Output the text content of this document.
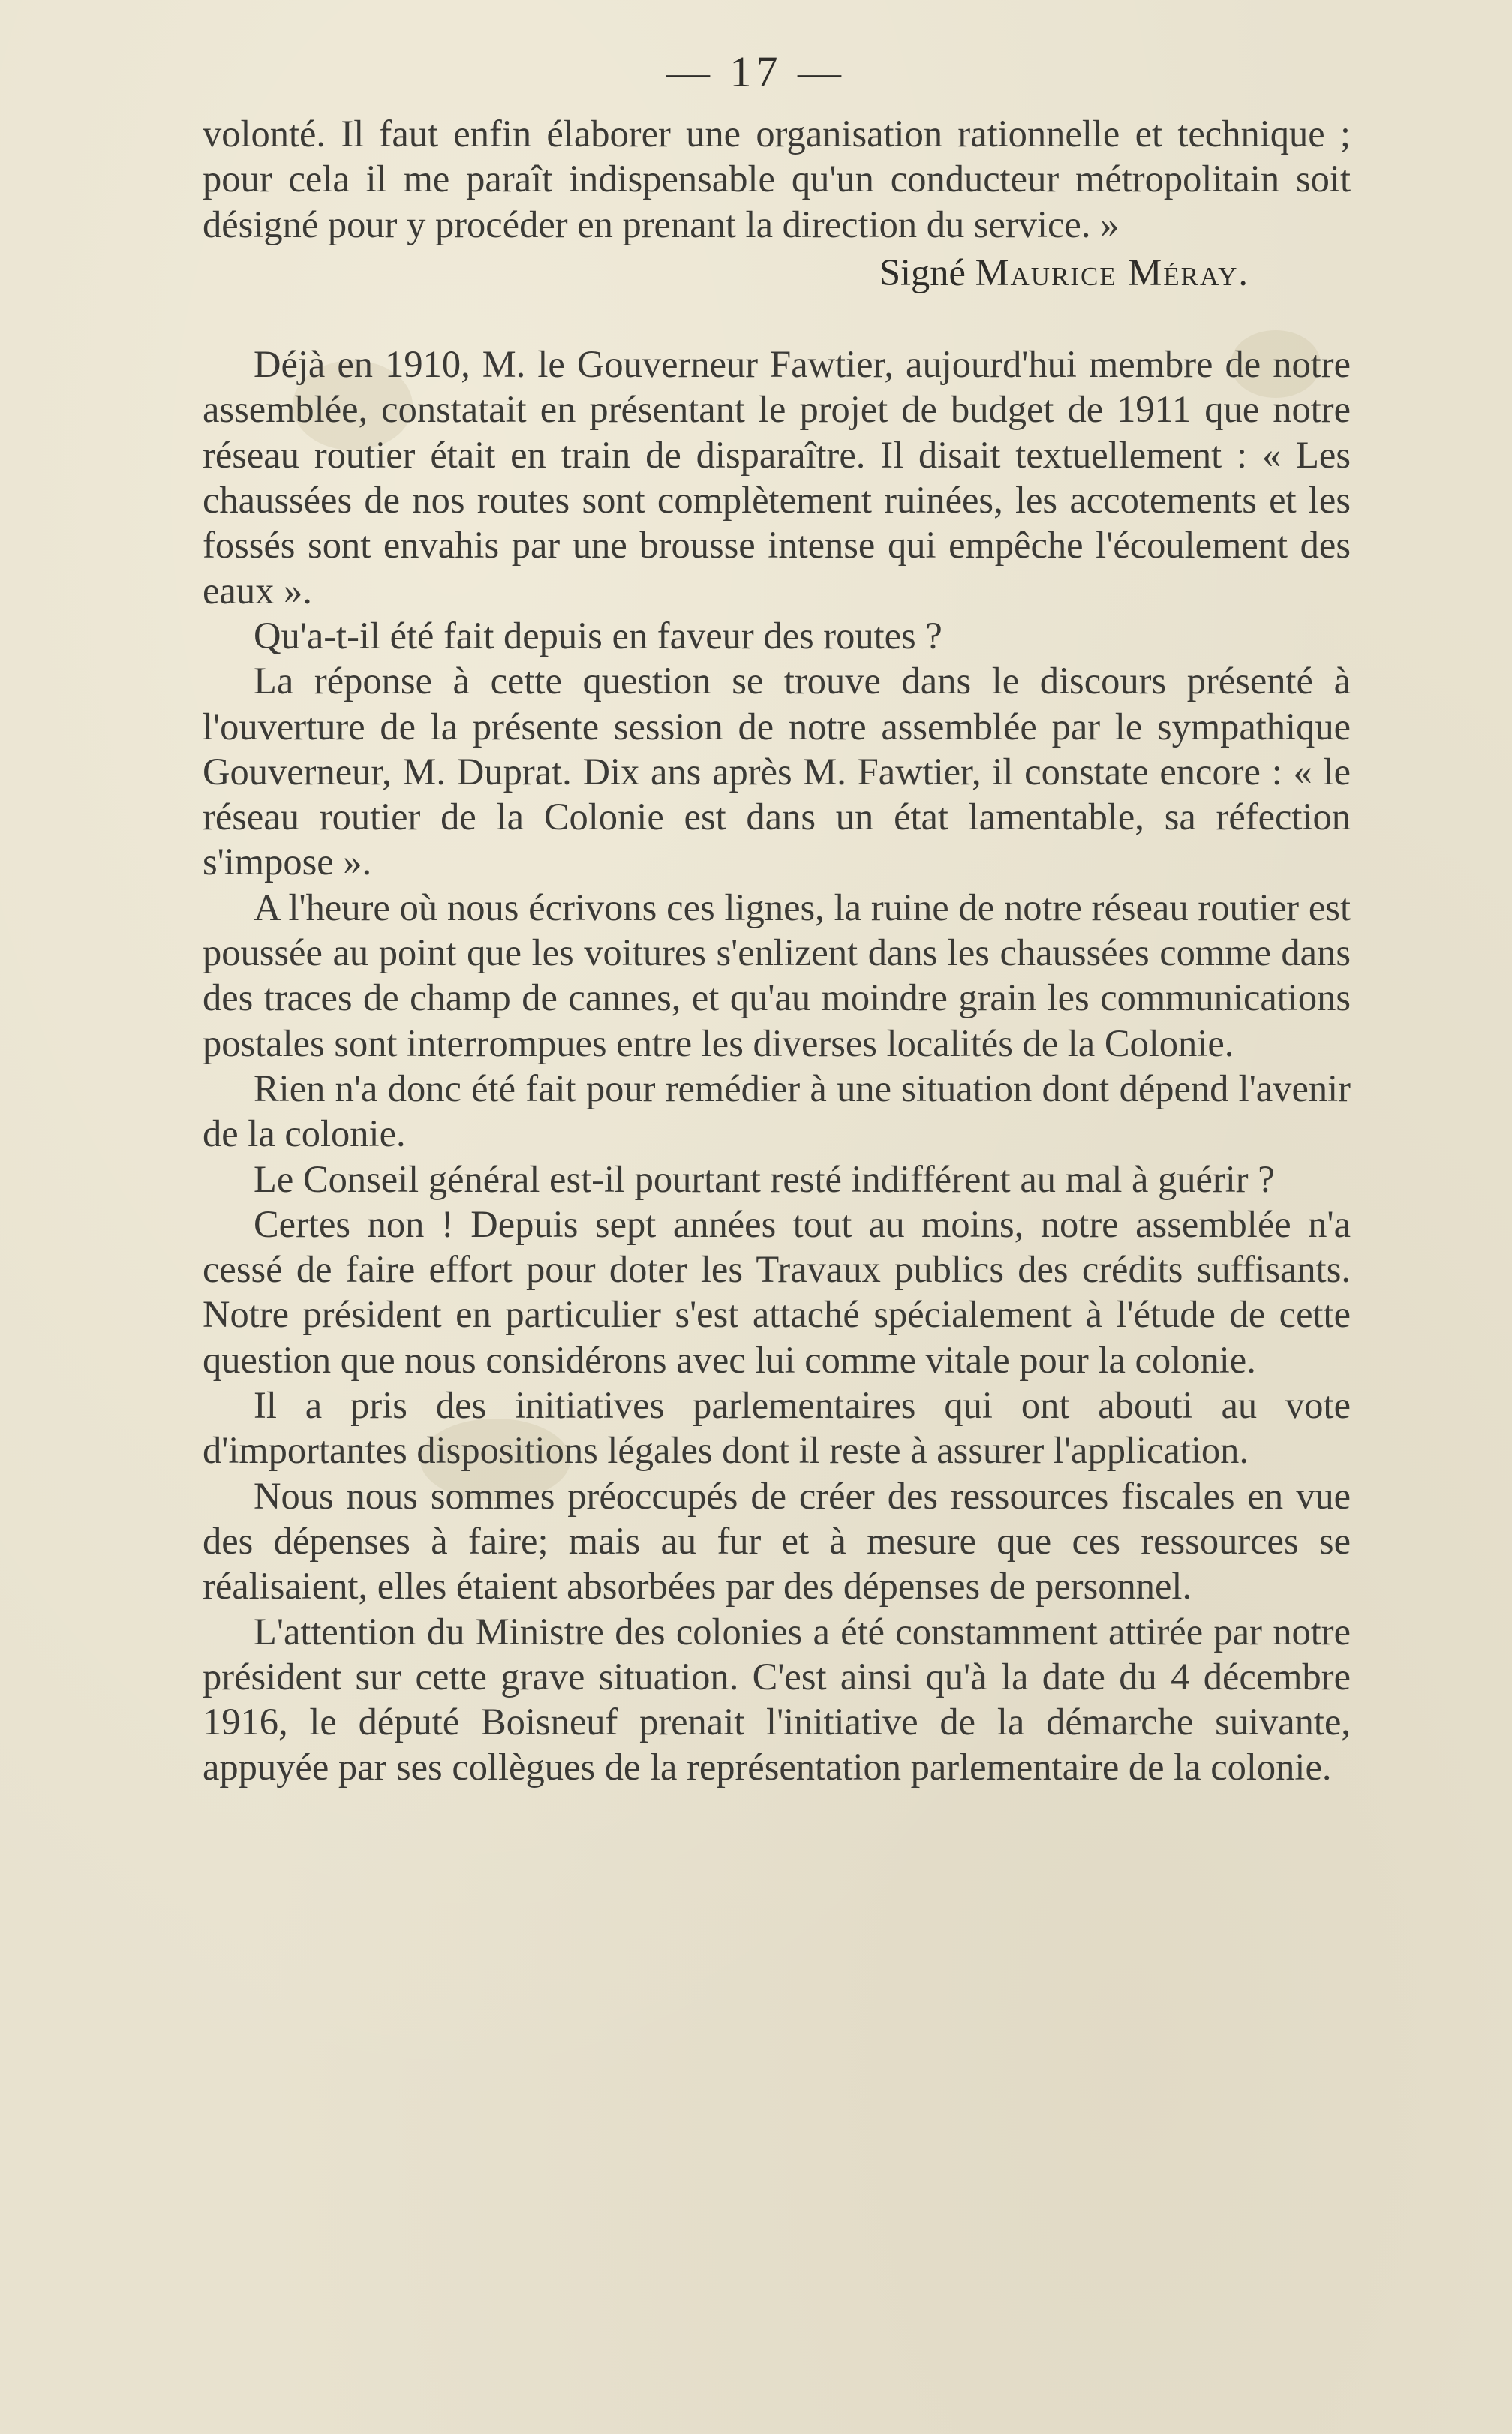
— 17 —

volonté. Il faut enfin élaborer une organisation rationnelle et technique ; pour cela il me paraît indispensable qu'un conducteur métropolitain soit désigné pour y procéder en prenant la direction du service. »

Signé Maurice Méray.

Déjà en 1910, M. le Gouverneur Fawtier, aujourd'hui membre de notre assemblée, constatait en présentant le projet de budget de 1911 que notre réseau routier était en train de disparaître. Il disait textuellement : « Les chaussées de nos routes sont complètement ruinées, les accotements et les fossés sont envahis par une brousse intense qui empêche l'écoulement des eaux ».

Qu'a-t-il été fait depuis en faveur des routes ?

La réponse à cette question se trouve dans le discours présenté à l'ouverture de la présente session de notre assemblée par le sympathique Gouverneur, M. Duprat. Dix ans après M. Fawtier, il constate encore : « le réseau routier de la Colonie est dans un état lamentable, sa réfection s'impose ».

A l'heure où nous écrivons ces lignes, la ruine de notre réseau routier est poussée au point que les voitures s'enlizent dans les chaussées comme dans des traces de champ de cannes, et qu'au moindre grain les communications postales sont interrompues entre les diverses localités de la Colonie.

Rien n'a donc été fait pour remédier à une situation dont dépend l'avenir de la colonie.

Le Conseil général est-il pourtant resté indifférent au mal à guérir ?

Certes non ! Depuis sept années tout au moins, notre assemblée n'a cessé de faire effort pour doter les Travaux publics des crédits suffisants. Notre président en particulier s'est attaché spécialement à l'étude de cette question que nous considérons avec lui comme vitale pour la colonie.

Il a pris des initiatives parlementaires qui ont abouti au vote d'importantes dispositions légales dont il reste à assurer l'application.

Nous nous sommes préoccupés de créer des ressources fiscales en vue des dépenses à faire; mais au fur et à mesure que ces ressources se réalisaient, elles étaient absorbées par des dépenses de personnel.

L'attention du Ministre des colonies a été constamment attirée par notre président sur cette grave situation. C'est ainsi qu'à la date du 4 décembre 1916, le député Boisneuf prenait l'initiative de la démarche suivante, appuyée par ses collègues de la représentation parlementaire de la colonie.
